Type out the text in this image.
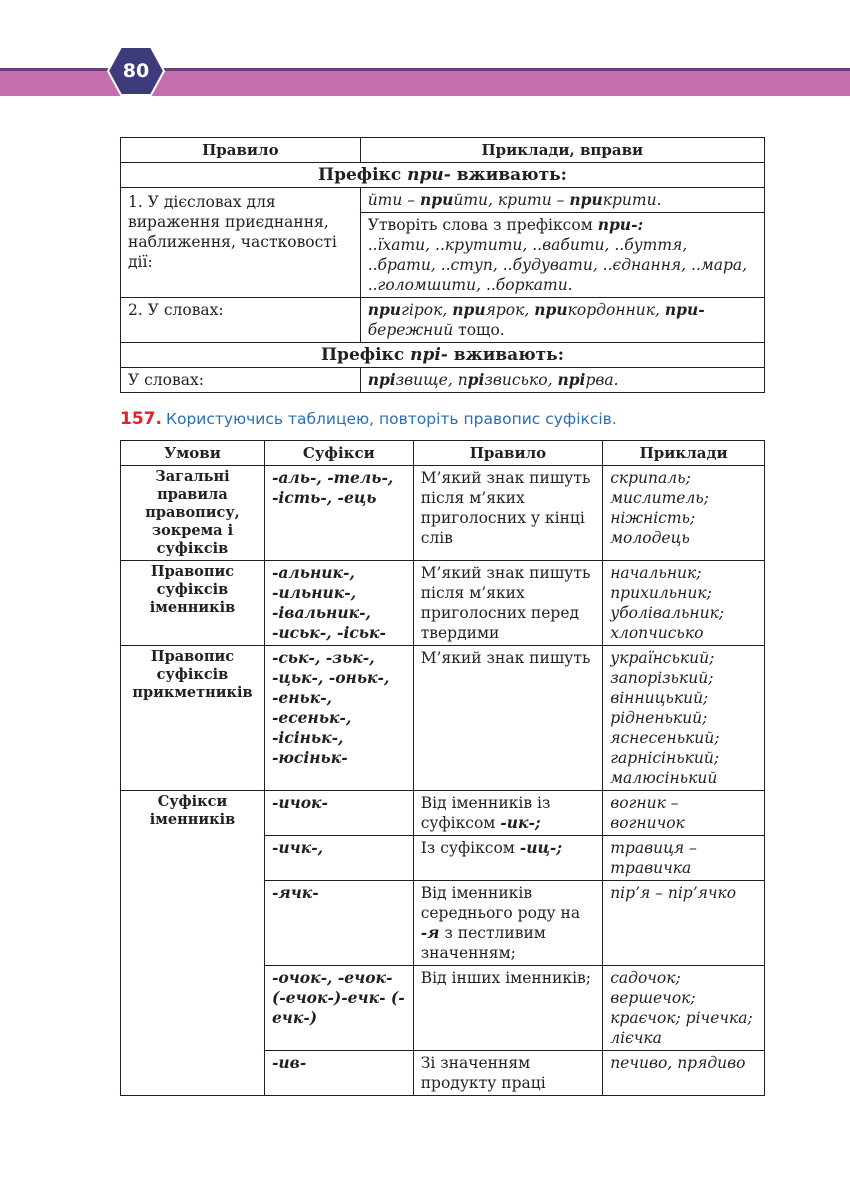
80
Правило	Приклади, вправи
Префікс при- вживають:	
1. У дієсловах для вираження приєднання, наближення, частковості дії:	йти – прийти, крити – прикрити.
	Утворіть слова з префіксом при-:
..їхати, ..крутити, ..вабити, ..буття, ..брати, ..ступ, ..будувати, ..єднання, ..мара, ..голомшити, ..боркати.
2. У словах:	пригірок, приярок, прикордонник, при- бережний тощо.
Префікс прі- вживають:	
У словах:	прізвище, прізвисько, прірва.
157. Користуючись таблицею, повторіть правопис суфіксів.
Умови	Суфікси	Правило	Приклади
Загальні правила правопису, зокрема і суфіксів	-аль-, -тель-, -ість-, -ець	М’який знак пишуть після м’яких приголосних у кінці слів	скрипаль; мислитель; ніжність; молодець
Правопис суфіксів іменників	-альник-, -ильник-, -івальник-, -иськ-, -іськ-	М’який знак пишуть після м’яких приголосних перед твердими	начальник; прихильник; уболівальник; хлопчисько
Правопис суфіксів прикметників	-ськ-, -зьк-, -цьк-, -оньк-, -еньк-, -есеньк-, -ісіньк-, -юсіньк-	М’який знак пишуть	український; запорізький; вінницький; рідненький; яснесенький; гарнісінький; малюсінький
Суфікси іменників	-ичок-	Від іменників із суфіксом -ик-;	вогник – вогничок
	-ичк-,	Із суфіксом -иц-;	травиця – травичка
	-ячк-	Від іменників середнього роду на -я з пестливим значенням;	пір’я – пір’ячко
	-очок-, -ечок- (-ечок-)-ечк- (-ечк-)	Від інших іменників;	садочок; вершечок; краєчок; річечка; лієчка
	-ив-	Зі значенням продукту праці	печиво, прядиво
